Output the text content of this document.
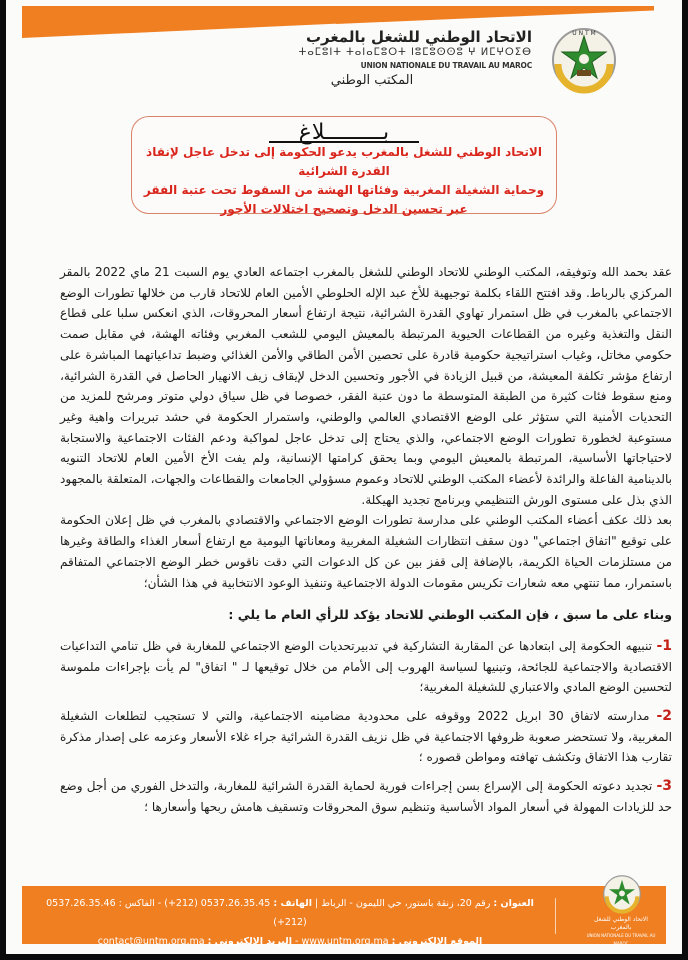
الاتحاد الوطني للشغل بالمغرب
ⵜⴰⵎⵓⵏⵜ ⵜⴰⵏⴰⵎⵓⵔⵜ ⵏⵓⵎⵓⵙⵙⵓ ⵖ ⵍⵎⵖⵔⵉⴱ
UNION NATIONALE DU TRAVAIL AU MAROC
المكتب الوطني
U N T M
بـــــــــلاغ
الاتحاد الوطني للشغل بالمغرب يدعو الحكومة إلى تدخل عاجل لإنقاذ القدرة الشرائية
وحماية الشغيلة المغربية وفئاتها الهشة من السقوط تحت عتبة الفقر
عبر تحسين الدخل وتصحيح اختلالات الأجور

عقد بحمد الله وتوفيقه، المكتب الوطني للاتحاد الوطني للشغل بالمغرب اجتماعه العادي يوم السبت 21 ماي 2022 بالمقر المركزي بالرباط. وقد افتتح اللقاء بكلمة توجيهية للأخ عبد الإله الحلوطي الأمين العام للاتحاد قارب من خلالها تطورات الوضع الاجتماعي بالمغرب في ظل استمرار تهاوي القدرة الشرائية، نتيجة ارتفاع أسعار المحروقات، الذي انعكس سلبا على قطاع النقل والتغذية وغيره من القطاعات الحيوية المرتبطة بالمعيش اليومي للشعب المغربي وفئاته الهشة، في مقابل صمت حكومي مخاتل، وغياب استراتيجية حكومية قادرة على تحصين الأمن الطاقي والأمن الغذائي وضبط تداعياتهما المباشرة على ارتفاع مؤشر تكلفة المعيشة، من قبيل الزيادة في الأجور وتحسين الدخل لإيقاف زيف الانهيار الحاصل في القدرة الشرائية، ومنع سقوط فئات كثيرة من الطبقة المتوسطة ما دون عتبة الفقر، خصوصا في ظل سياق دولي متوتر ومرشح للمزيد من التحديات الأمنية التي ستؤثر على الوضع الاقتصادي العالمي والوطني، واستمرار الحكومة في حشد تبريرات واهية وغير مستوعبة لخطورة تطورات الوضع الاجتماعي، والذي يحتاج إلى تدخل عاجل لمواكبة ودعم الفئات الاجتماعية والاستجابة لاحتياجاتها الأساسية، المرتبطة بالمعيش اليومي وبما يحقق كرامتها الإنسانية، ولم يفت الأخ الأمين العام للاتحاد التنويه بالدينامية الفاعلة والرائدة لأعضاء المكتب الوطني للاتحاد وعموم مسؤولي الجامعات والقطاعات والجهات، المتعلقة بالمجهود الذي بذل على مستوى الورش التنظيمي وبرنامج تجديد الهيكلة.

بعد ذلك عكف أعضاء المكتب الوطني على مدارسة تطورات الوضع الاجتماعي والاقتصادي بالمغرب في ظل إعلان الحكومة على توقيع "اتفاق اجتماعي" دون سقف انتظارات الشغيلة المغربية ومعاناتها اليومية مع ارتفاع أسعار الغذاء والطاقة وغيرها من مستلزمات الحياة الكريمة، بالإضافة إلى قفز بين عن كل الدعوات التي دقت ناقوس خطر الوضع الاجتماعي المتفاقم باستمرار، مما تنتهي معه شعارات تكريس مقومات الدولة الاجتماعية وتنفيذ الوعود الانتخابية في هذا الشأن؛

وبناء على ما سبق ، فإن المكتب الوطني للاتحاد يؤكد للرأي العام ما يلي :

1- تنبيهه الحكومة إلى ابتعادها عن المقاربة التشاركية في تدبيرتحديات الوضع الاجتماعي للمغاربة في ظل تنامي التداعيات الاقتصادية والاجتماعية للجائحة، وتبنيها لسياسة الهروب إلى الأمام من خلال توقيعها لـ " اتفاق" لم يأت بإجراءات ملموسة لتحسين الوضع المادي والاعتباري للشغيلة المغربية؛

2- مدارسته لاتفاق 30 ابريل 2022 ووقوفه على محدودية مضامينه الاجتماعية، والتي لا تستجيب لتطلعات الشغيلة المغربية، ولا تستحضر صعوبة ظروفها الاجتماعية في ظل نزيف القدرة الشرائية جراء غلاء الأسعار وعزمه على إصدار مذكرة تقارب هذا الاتفاق وتكشف تهافته ومواطن قصوره ؛

3- تجديد دعوته الحكومة إلى الإسراع بسن إجراءات فورية لحماية القدرة الشرائية للمغاربة، والتدخل الفوري من أجل وضع حد للزيادات المهولة في أسعار المواد الأساسية وتنظيم سوق المحروقات وتسقيف هامش ربحها وأسعارها ؛

العنوان : رقم 20، زنقة باستور، حي الليمون - الرباط | الهاتف : 0537.26.35.45 (212+) - الفاكس : 0537.26.35.46 (212+)
الموقع الإلكتروني : www.untm.org.ma - البريد الإلكتروني : contact@untm.org.ma
الاتحاد الوطني للشغل بالمغرب
UNION NATIONALE DU TRAVAIL AU MAROC
